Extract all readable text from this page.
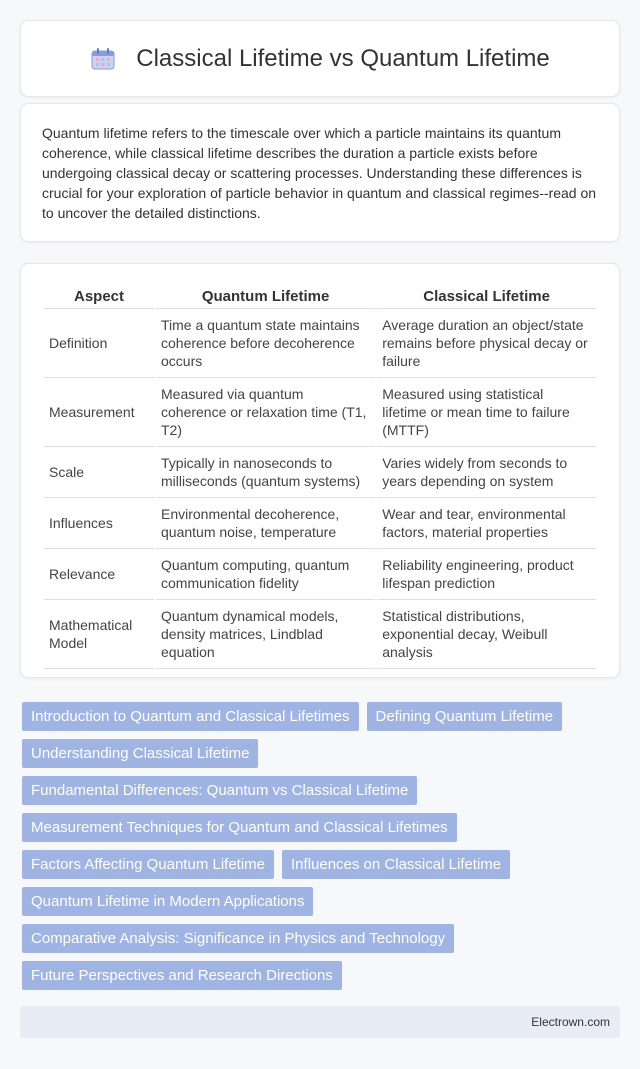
Classical Lifetime vs Quantum Lifetime

Quantum lifetime refers to the timescale over which a particle maintains its quantum coherence, while classical lifetime describes the duration a particle exists before undergoing classical decay or scattering processes. Understanding these differences is crucial for your exploration of particle behavior in quantum and classical regimes--read on to uncover the detailed distinctions.

Aspect	Quantum Lifetime	Classical Lifetime
Definition	Time a quantum state maintains coherence before decoherence occurs	Average duration an object/state remains before physical decay or failure
Measurement	Measured via quantum coherence or relaxation time (T1, T2)	Measured using statistical lifetime or mean time to failure (MTTF)
Scale	Typically in nanoseconds to milliseconds (quantum systems)	Varies widely from seconds to years depending on system
Influences	Environmental decoherence, quantum noise, temperature	Wear and tear, environmental factors, material properties
Relevance	Quantum computing, quantum communication fidelity	Reliability engineering, product lifespan prediction
Mathematical Model	Quantum dynamical models, density matrices, Lindblad equation	Statistical distributions, exponential decay, Weibull analysis
Introduction to Quantum and Classical Lifetimes	Defining Quantum Lifetime
Understanding Classical Lifetime
Fundamental Differences: Quantum vs Classical Lifetime
Measurement Techniques for Quantum and Classical Lifetimes
Factors Affecting Quantum Lifetime	Influences on Classical Lifetime
Quantum Lifetime in Modern Applications
Comparative Analysis: Significance in Physics and Technology
Future Perspectives and Research Directions
Electrown.com
